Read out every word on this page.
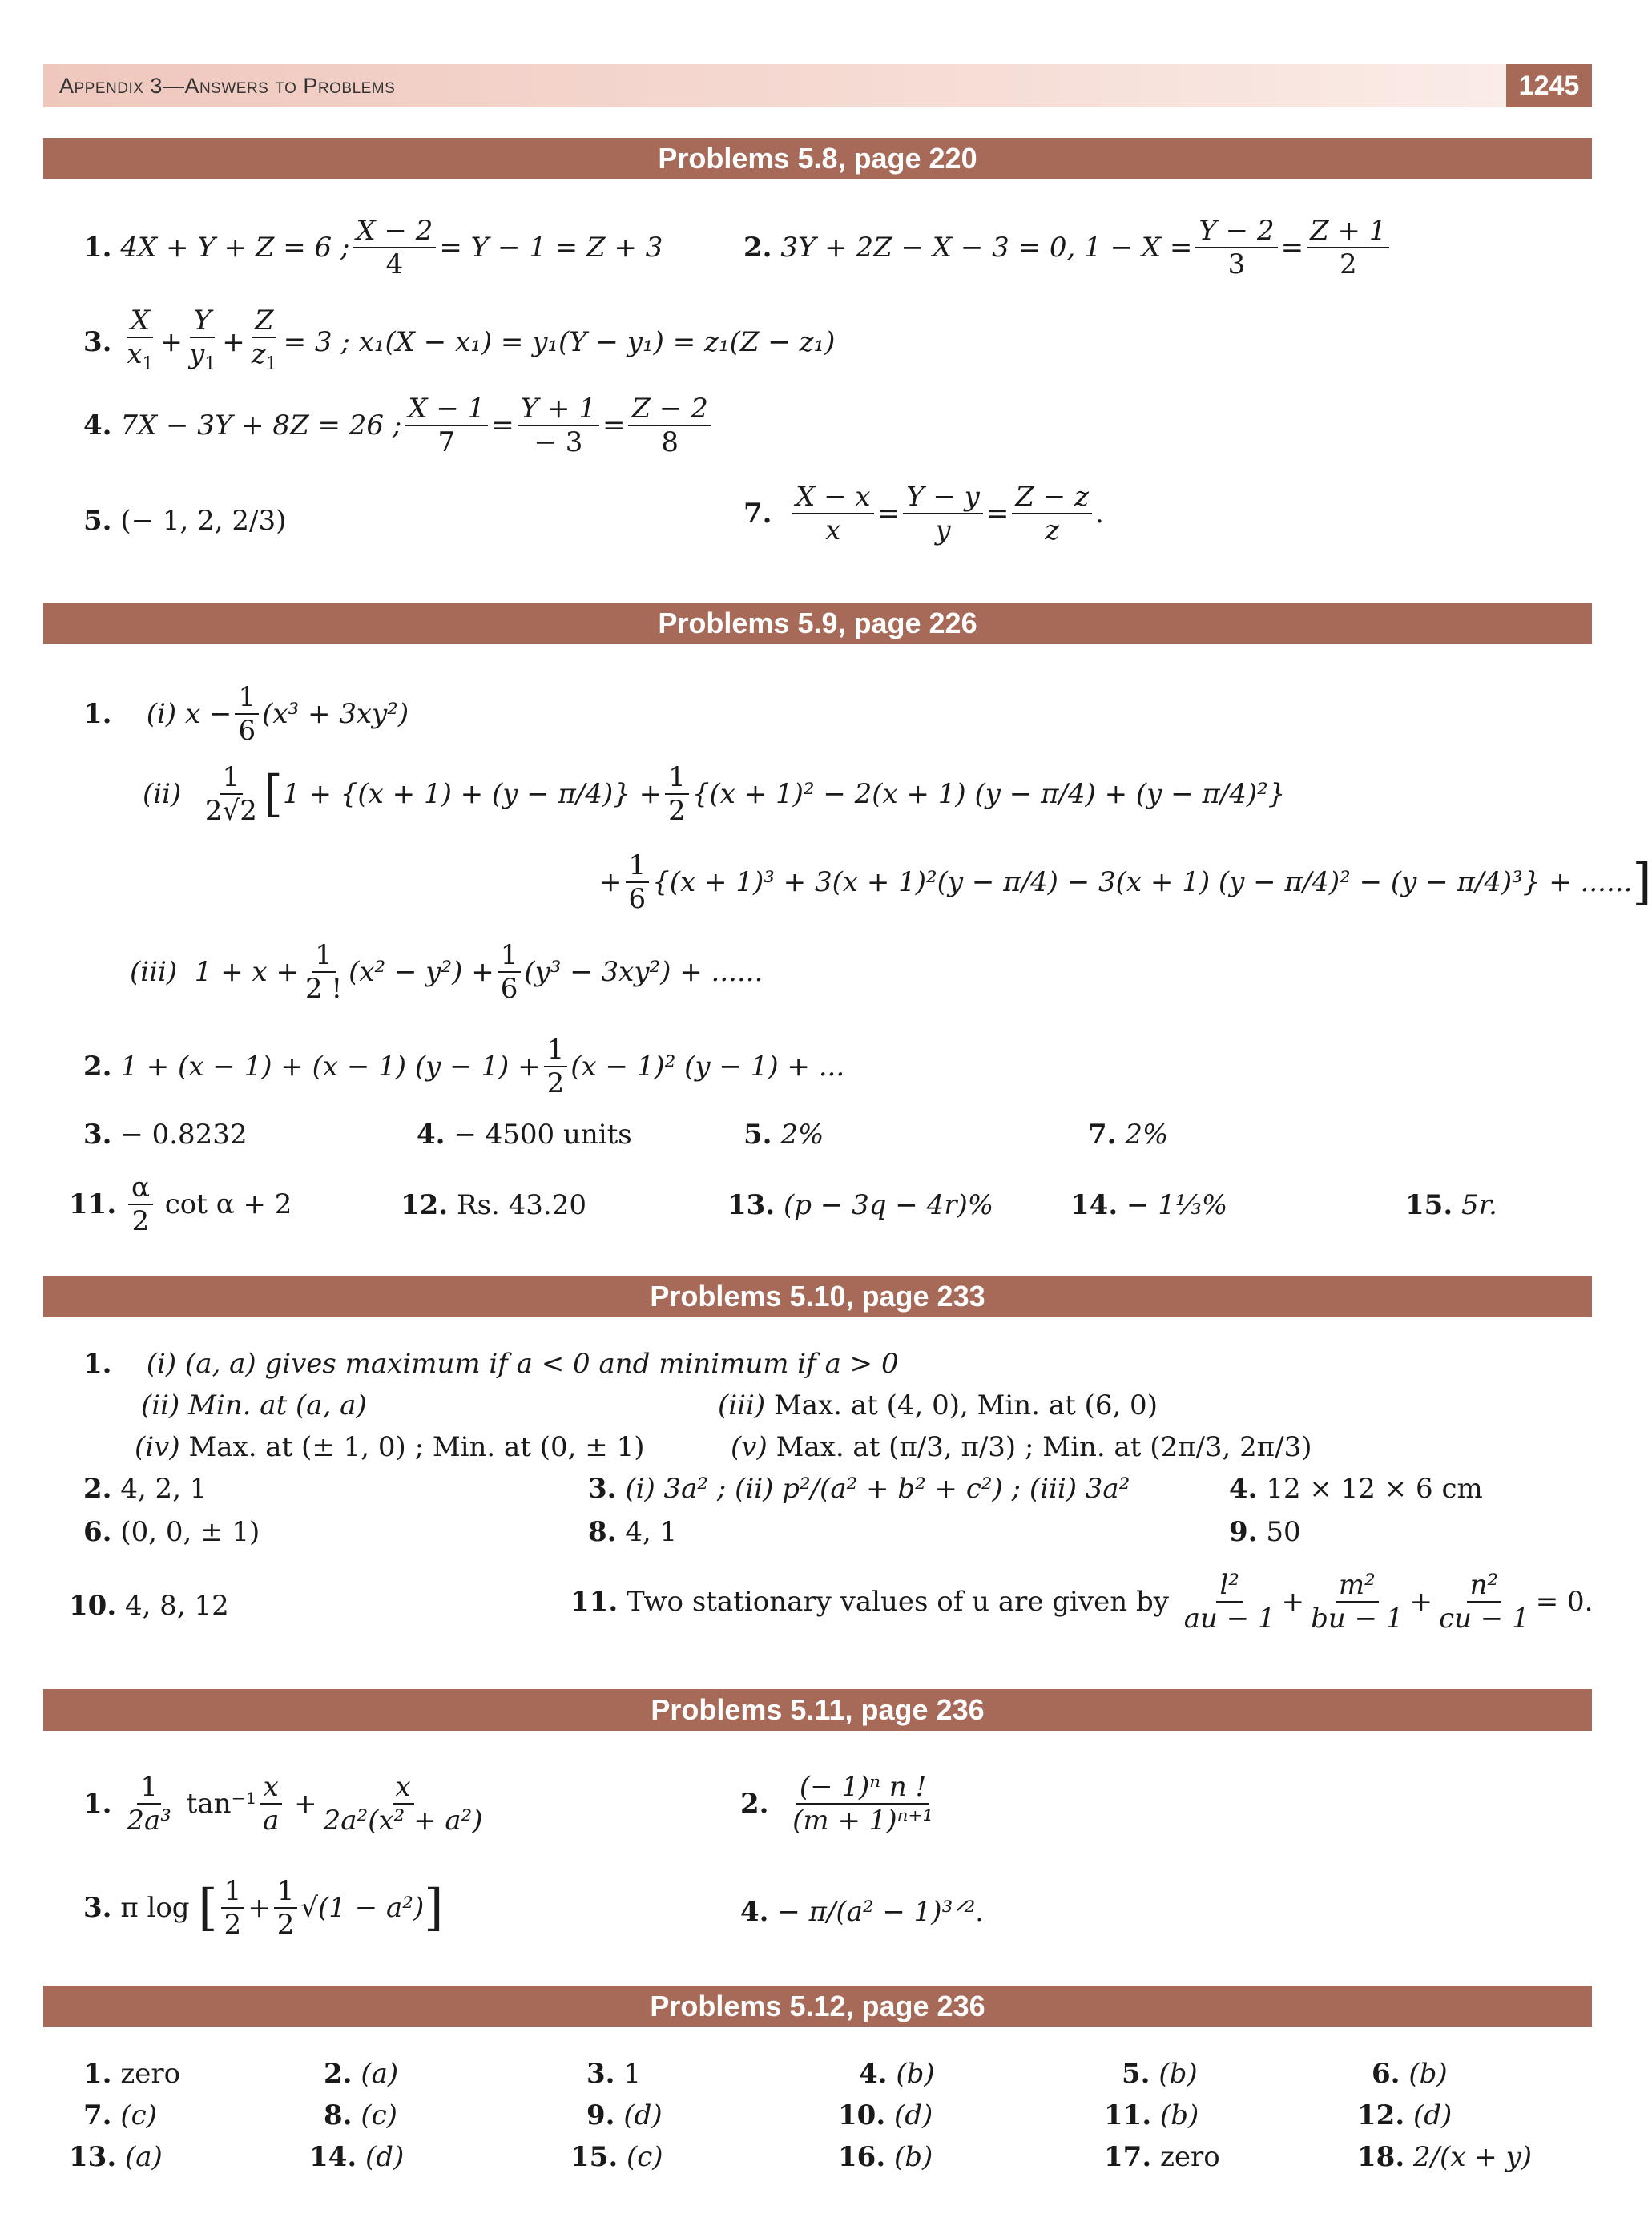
Appendix 3—Answers to Problems	1245
Problems 5.8, page 220
1.
4X + Y + Z = 6 ; $\frac{X - 2}{4} = Y - 1 = Z + 3$	2.
3Y + 2Z − X − 3 = 0, $1 - X = \frac{Y - 2}{3} = \frac{Z + 1}{2}$
3.
$\frac{X}{x_1} + \frac{Y}{y_1} + \frac{Z}{z_1} = 3$ ; x₁(X − x₁) = y₁(Y − y₁) = z₁(Z − z₁)
4.
7X − 3Y + 8Z = 26 ; $\frac{X - 1}{7} = \frac{Y + 1}{- 3} = \frac{Z - 2}{8}$
5. (− 1, 2, 2/3)	7.
$\frac{X - x}{x} = \frac{Y - y}{y} = \frac{Z - z}{z}$ .
Problems 5.9, page 226
1.
(i)
$x - \frac{1}{6} (x^3 + 3xy^2)$
(ii)
$\frac{1}{2√2}$ [ $1 + \{(x + 1) + (y - \pi/4)\} + \frac{1}{2} \{(x + 1)^2 - 2(x + 1) (y - \pi/4) + (y - \pi/4)^2\}$
+ $\frac{1}{6} \{(x + 1)^3 + 3(x + 1)^2(y - \pi/4) - 3(x + 1) (y - \pi/4)^2 - (y - \pi/4)^3\}$ + ...... ]
(iii)
$1 + x + \frac{1}{2 !} (x^2 - y^2) + \frac{1}{6} (y^3 - 3xy^2)$ + ......
2.
1 + (x − 1) + (x − 1) $(y - 1) + \frac{1}{2} (x - 1)^2$ (y − 1) + ...
3. − 0.8232	4. − 4500 units	5. 2%	7. 2%
11.
$\frac{\alpha}{2}$
cot α + 2	12. Rs. 43.20	13. (p − 3q − 4r)%	14. − 1⅓%	15. 5r.
Problems 5.10, page 233
1. (i) (a, a) gives maximum if a < 0 and minimum if a > 0
(ii) Min. at (a, a)	(iii) Max. at (4, 0), Min. at (6, 0)
(iv) Max. at (± 1, 0) ; Min. at (0, ± 1)	(v) Max. at (π/3, π/3) ; Min. at (2π/3, 2π/3)
2. 4, 2, 1	3. (i) 3a² ; (ii) p²/(a² + b² + c²) ; (iii) 3a²	4. 12 × 12 × 6 cm
6. (0, 0, ± 1)	8. 4, 1	9. 50
10. 4, 8, 12	11.
Two stationary values of u are given by
$\frac{\text{l²}}{au - 1} + \frac{\text{m²}}{bu - 1} + \frac{\text{n²}}{cu - 1} = 0$.
Problems 5.11, page 236
1.
$\frac{1}{\text{2a³}}$
$\tan^{-1} \frac{x}{a} + \frac{x}{\text{2a²(x² + a²)}}$	2.
$\frac{\text{(− 1)ⁿ n !}}{\text{(m + 1)ⁿ⁺¹}}$
3.
π log
[ $\frac{1}{2} + \frac{1}{2} √(1 - a^2)$ ]	4. − π/(a² − 1)³ᐟ².
Problems 5.12, page 236
1. zero	2. (a)	3. 1	4. (b)	5. (b)	6. (b)
7. (c)	8. (c)	9. (d)	10. (d)	11. (b)	12. (d)
13. (a)	14. (d)	15. (c)	16. (b)	17. zero	18. 2/(x + y)
